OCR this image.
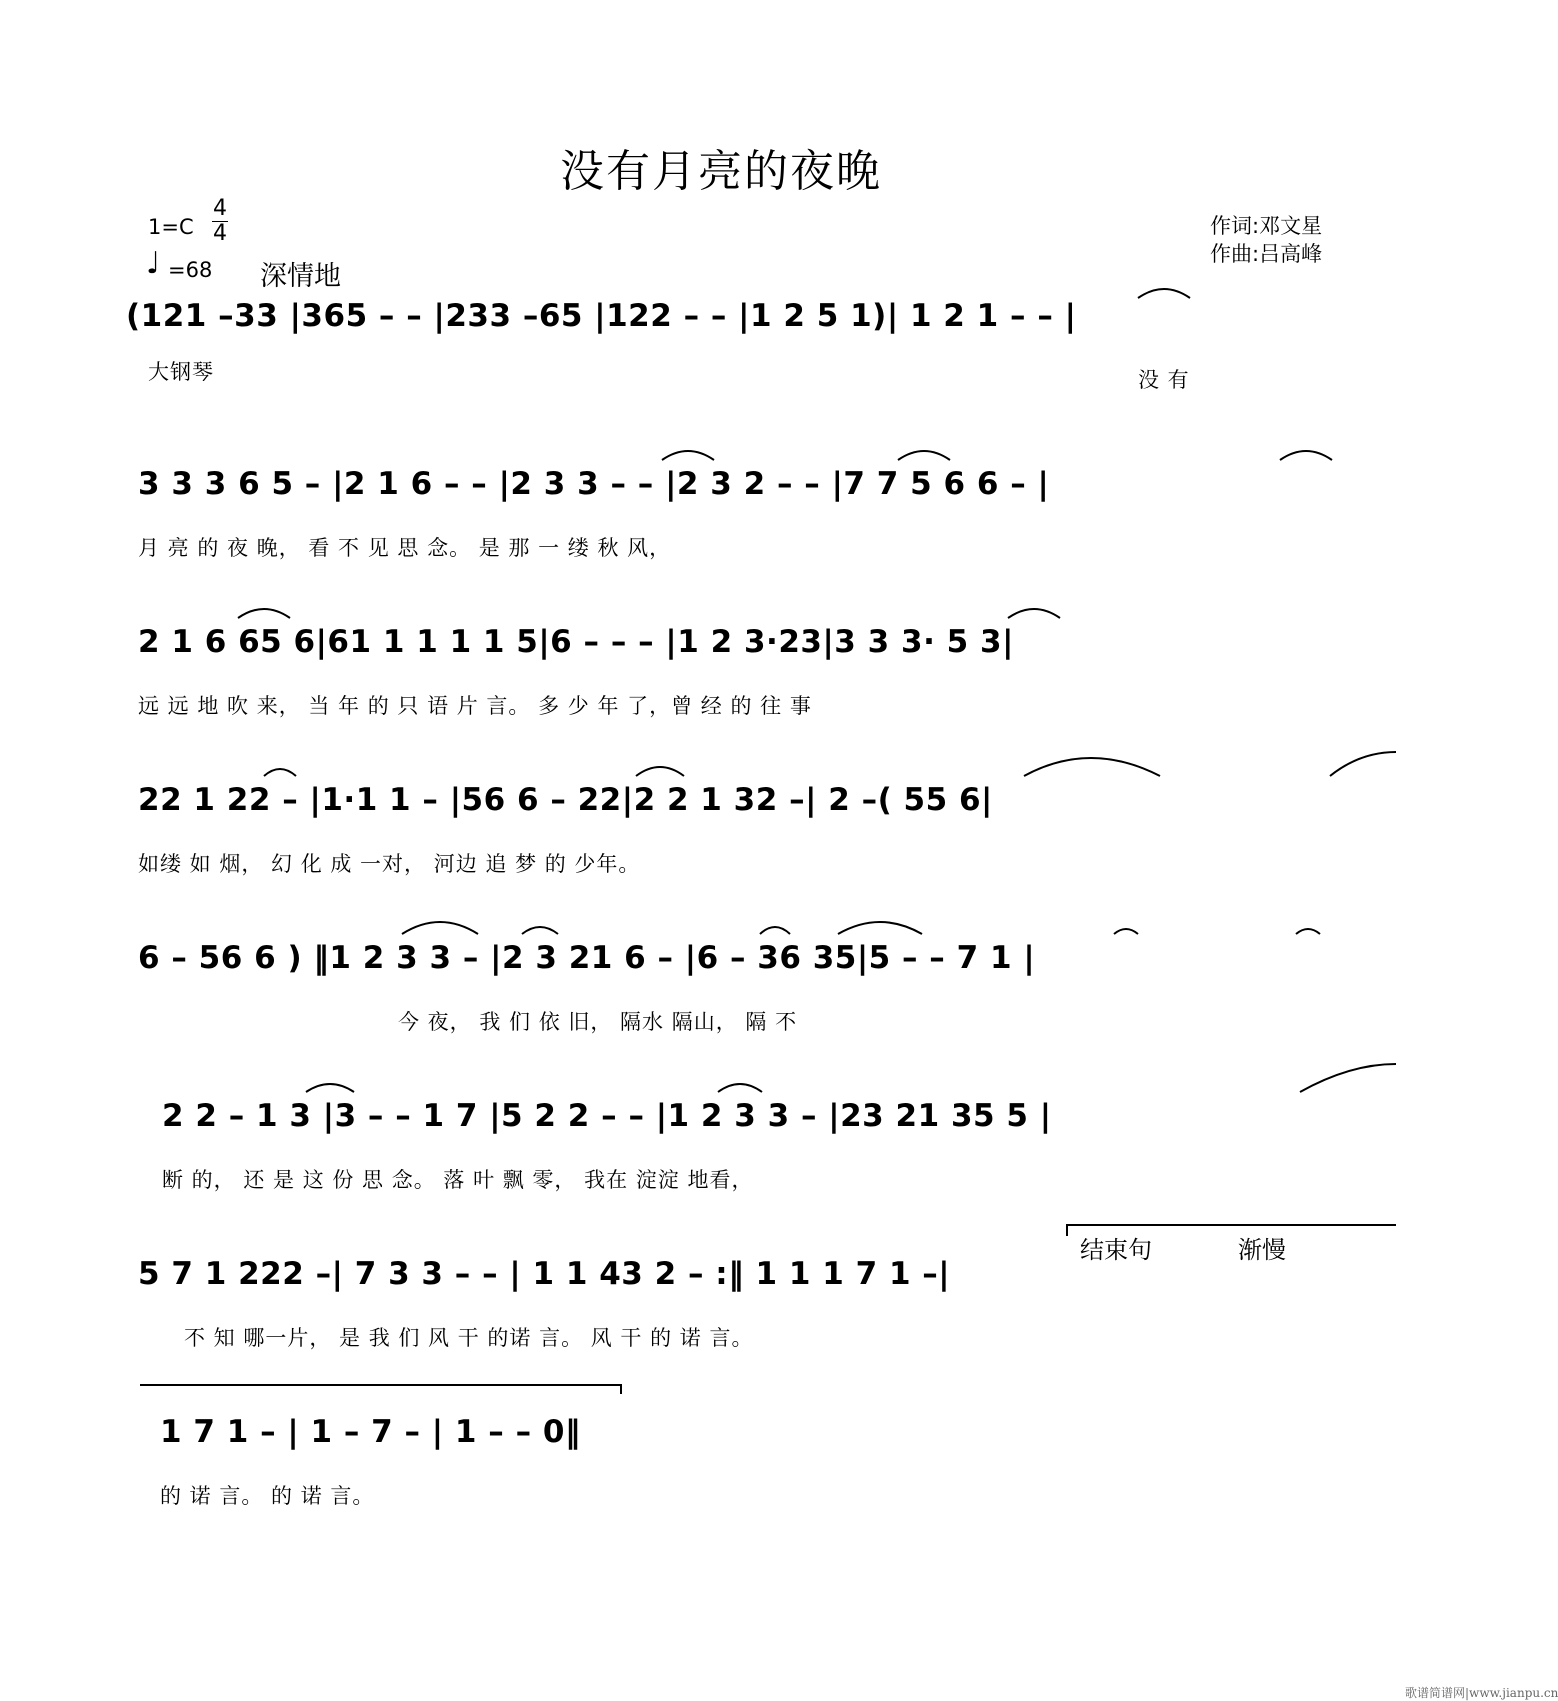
没有月亮的夜晚
1=C
4
4
♩ =68 深情地
作词:邓文星
作曲:吕高峰
(121 –33 |365 – – |233 –65 |122 – – |1 2 5 1)| 1 2 1 – – |
大钢琴	没 有
3 3 3 6 5 – |2 1 6 – – |2 3 3 – – |2 3 2 – – |7 7 5 6 6 – |
月 亮 的 夜 晚， 看 不 见 思 念。 是 那 一 缕 秋 风，
2 1 6 65 6|61 1 1 1 1 5|6 – – – |1 2 3·23|3 3 3· 5 3|
远 远 地 吹 来， 当 年 的 只 语 片 言。 多 少 年 了，曾 经 的 往 事
22 1 22 – |1·1 1 – |56 6 – 22|2 2 1 32 –| 2 –( 55 6|
如缕 如 烟， 幻 化 成 一对， 河边 追 梦 的 少年。
6 – 56 6 ) ‖1 2 3 3 – |2 3 21 6 – |6 – 36 35|5 – – 7 1 |
今 夜， 我 们 依 旧， 隔水 隔山， 隔 不
2 2 – 1 3 |3 – – 1 7 |5 2 2 – – |1 2 3 3 – |23 21 35 5 |
断 的， 还 是 这 份 思 念。 落 叶 飘 零， 我在 淀淀 地看，
结束句	渐慢
5 7 1 222 –| 7 3 3 – – | 1 1 43 2 – :‖ 1 1 1 7 1 –|
不 知 哪一片， 是 我 们 风 干 的诺 言。 风 干 的 诺 言。
1 7 1 – | 1 – 7 – | 1 – – 0‖
的 诺 言。 的 诺 言。
歌谱简谱网|www.jianpu.cn
